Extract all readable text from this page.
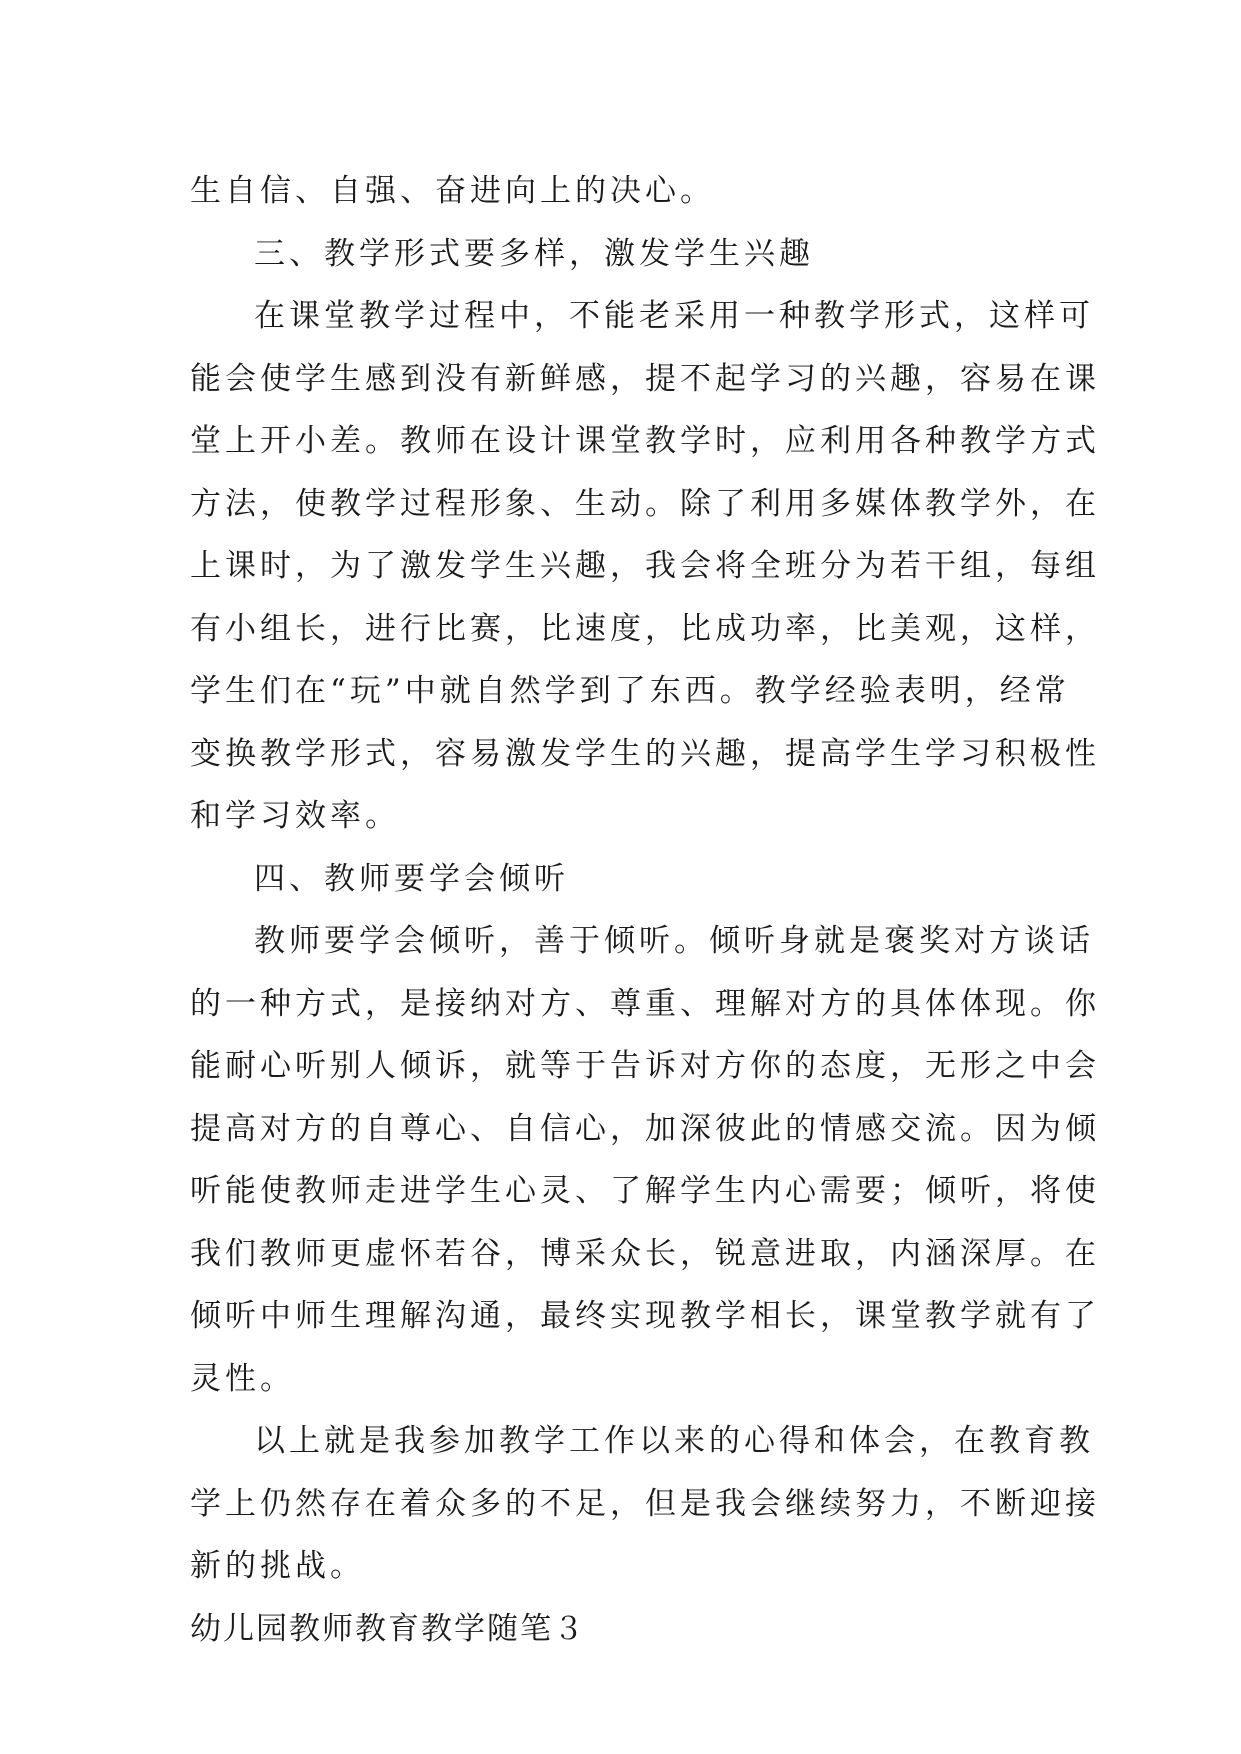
生自信、自强、奋进向上的决心。
三、教学形式要多样，激发学生兴趣
在课堂教学过程中，不能老采用一种教学形式，这样可
能会使学生感到没有新鲜感，提不起学习的兴趣，容易在课
堂上开小差。教师在设计课堂教学时，应利用各种教学方式
方法，使教学过程形象、生动。除了利用多媒体教学外，在
上课时，为了激发学生兴趣，我会将全班分为若干组，每组
有小组长，进行比赛，比速度，比成功率，比美观，这样，
学生们在“玩”中就自然学到了东西。教学经验表明，经常
变换教学形式，容易激发学生的兴趣，提高学生学习积极性
和学习效率。
四、教师要学会倾听
教师要学会倾听，善于倾听。倾听身就是褒奖对方谈话
的一种方式，是接纳对方、尊重、理解对方的具体体现。你
能耐心听别人倾诉，就等于告诉对方你的态度，无形之中会
提高对方的自尊心、自信心，加深彼此的情感交流。因为倾
听能使教师走进学生心灵、了解学生内心需要；倾听，将使
我们教师更虚怀若谷，博采众长，锐意进取，内涵深厚。在
倾听中师生理解沟通，最终实现教学相长，课堂教学就有了
灵性。
以上就是我参加教学工作以来的心得和体会，在教育教
学上仍然存在着众多的不足，但是我会继续努力，不断迎接
新的挑战。
幼儿园教师教育教学随笔３
